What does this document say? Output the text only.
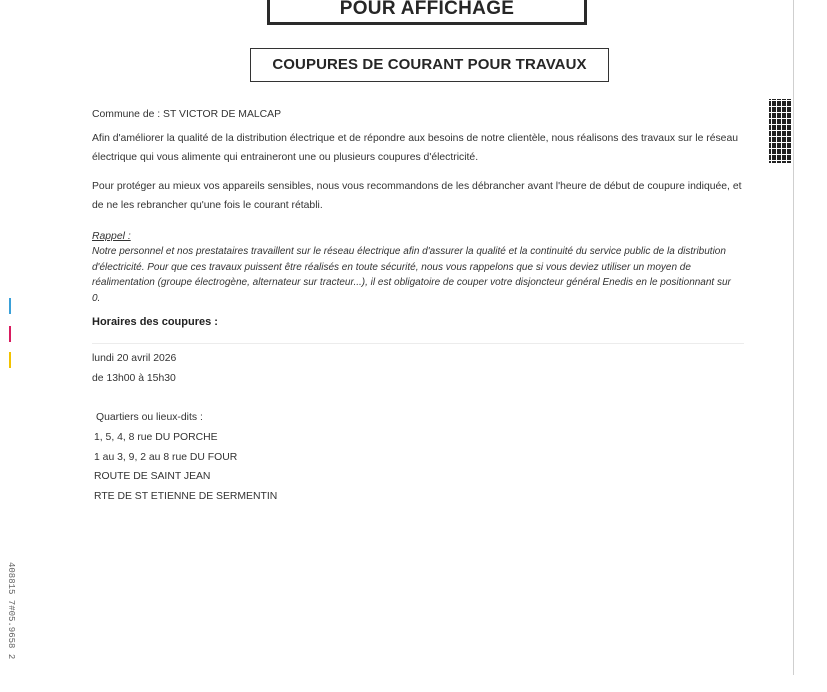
POUR AFFICHAGE
COUPURES DE COURANT POUR TRAVAUX
Commune de : ST VICTOR DE MALCAP
Afin d'améliorer la qualité de la distribution électrique et de répondre aux besoins de notre clientèle, nous réalisons des travaux sur le réseau électrique qui vous alimente qui entraineront une ou plusieurs coupures d'électricité.
Pour protéger au mieux vos appareils sensibles, nous vous recommandons de les débrancher avant l'heure de début de coupure indiquée, et de ne les rebrancher qu'une fois le courant rétabli.
Rappel :
Notre personnel et nos prestataires travaillent sur le réseau électrique afin d'assurer la qualité et la continuité du service public de la distribution d'électricité. Pour que ces travaux puissent être réalisés en toute sécurité, nous vous rappelons que si vous deviez utiliser un moyen de réalimentation (groupe électrogène, alternateur sur tracteur...), il est obligatoire de couper votre disjoncteur général Enedis en le positionnant sur 0.
Horaires des coupures :
lundi 20 avril 2026
de 13h00 à 15h30
Quartiers ou lieux-dits :
1, 5, 4, 8 rue DU PORCHE
1 au 3, 9, 2 au 8 rue DU FOUR
ROUTE DE SAINT JEAN
RTE DE ST ETIENNE DE SERMENTIN
408815 7#05.9658 2
